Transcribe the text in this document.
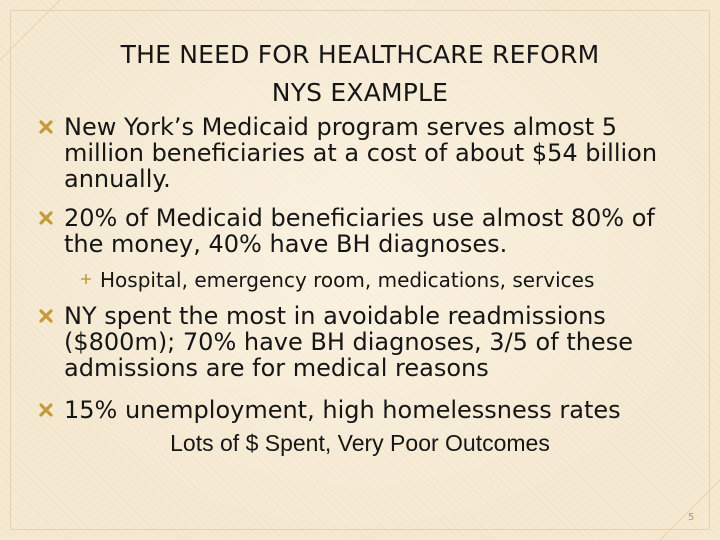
THE NEED FOR HEALTHCARE REFORM
NYS EXAMPLE
New York’s Medicaid program serves almost 5 million beneficiaries at a cost of about $54 billion annually.
20% of Medicaid beneficiaries use almost 80% of the money, 40% have BH diagnoses.
Hospital, emergency room, medications, services
NY spent the most in avoidable readmissions ($800m); 70% have BH diagnoses, 3/5 of these admissions are for medical reasons
15% unemployment, high homelessness rates
Lots of $ Spent, Very Poor Outcomes
5
